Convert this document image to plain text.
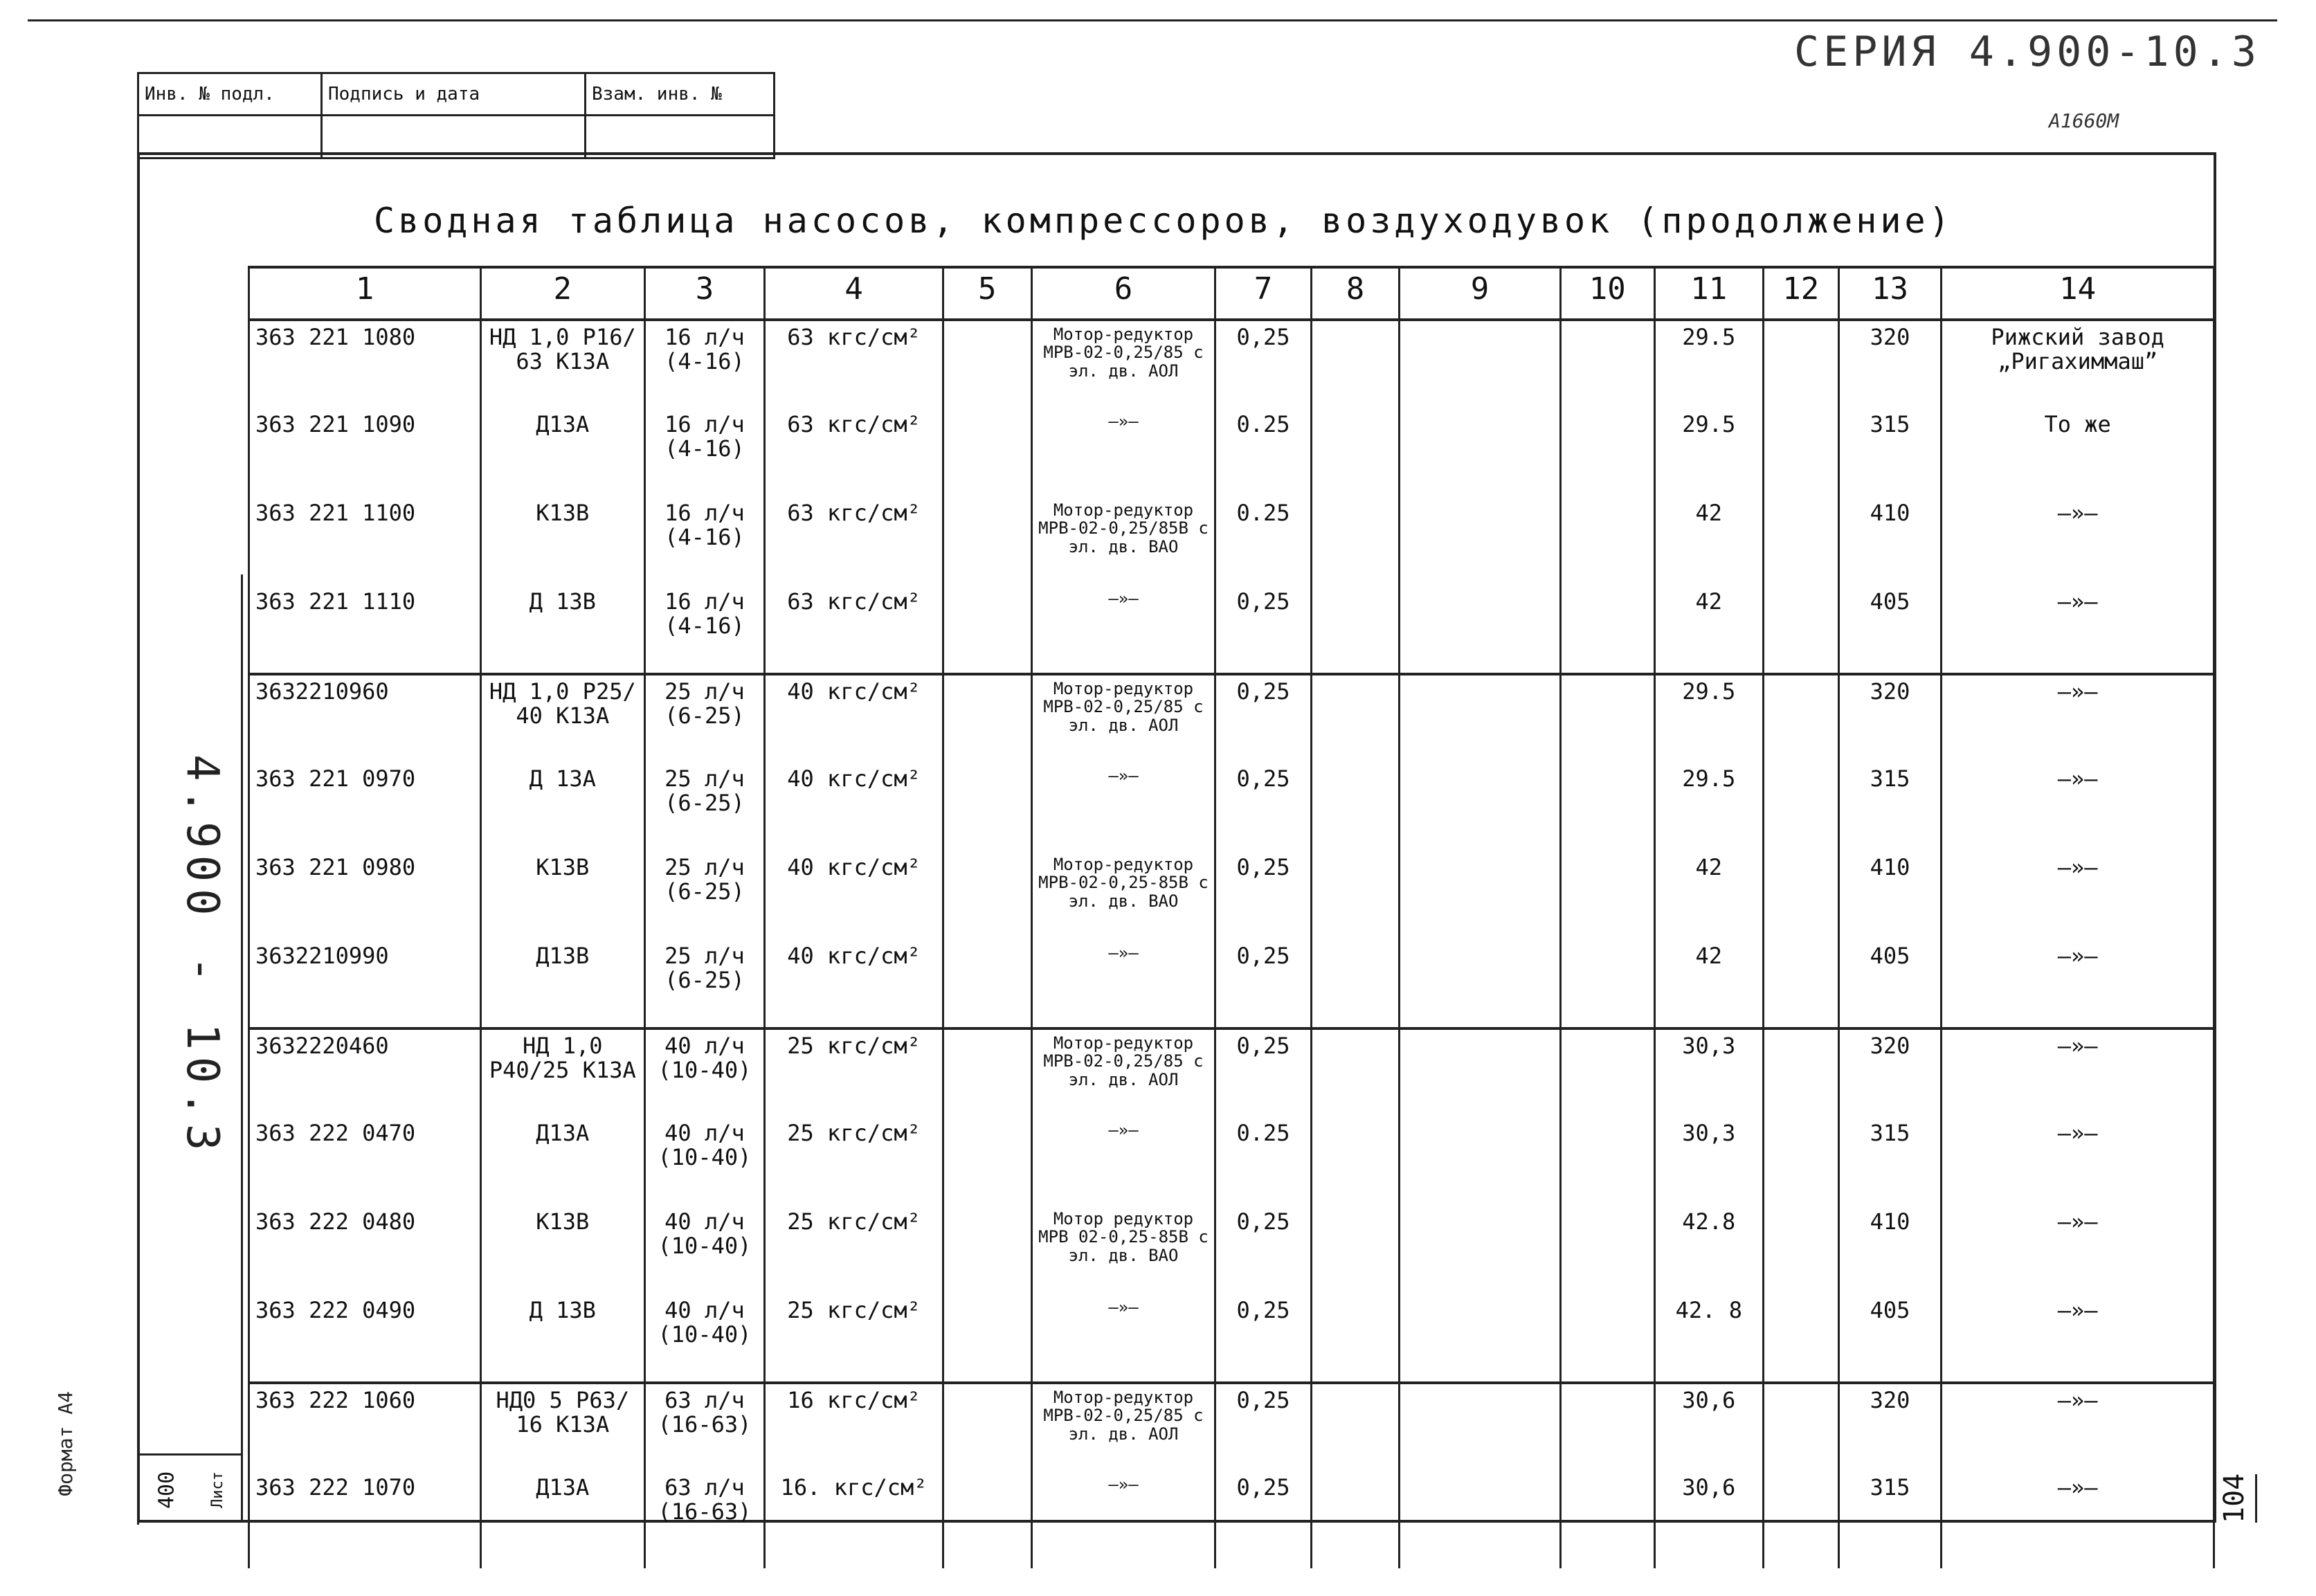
СЕРИЯ 4.900-10.3
А1660М
Инв. № подл.	Подпись и дата	Взам. инв. №
4.900 - 10.3
400	Лист
Формат А4
104
Сводная таблица насосов, компрессоров, воздуходувок (продолжение)
1	2	3	4	5	6	7	8	9	10	11	12	13	14
363 221 1080	НД 1,0 Р16/ 63 К13А	16 л/ч (4-16)	63 кгс/см²		Мотор-редуктор МРВ-02-0,25/85 с эл. дв. АОЛ	0,25				29.5		320	Рижский завод „Ригахиммаш”
363 221 1090	Д13А	16 л/ч (4-16)	63 кгс/см²		—»—	0.25				29.5		315	То же
363 221 1100	К13В	16 л/ч (4-16)	63 кгс/см²		Мотор-редуктор МРВ-02-0,25/85В с эл. дв. ВАО	0.25				42		410	—»—
363 221 1110	Д 13В	16 л/ч (4-16)	63 кгс/см²		—»—	0,25				42		405	—»—
3632210960	НД 1,0 Р25/ 40 К13А	25 л/ч (6-25)	40 кгс/см²		Мотор-редуктор МРВ-02-0,25/85 с эл. дв. АОЛ	0,25				29.5		320	—»—
363 221 0970	Д 13А	25 л/ч (6-25)	40 кгс/см²		—»—	0,25				29.5		315	—»—
363 221 0980	К13В	25 л/ч (6-25)	40 кгс/см²		Мотор-редуктор МРВ-02-0,25-85В с эл. дв. ВАО	0,25				42		410	—»—
3632210990	Д13В	25 л/ч (6-25)	40 кгс/см²		—»—	0,25				42		405	—»—
3632220460	НД 1,0 Р40/25 К13А	40 л/ч (10-40)	25 кгс/см²		Мотор-редуктор МРВ-02-0,25/85 с эл. дв. АОЛ	0,25				30,3		320	—»—
363 222 0470	Д13А	40 л/ч (10-40)	25 кгс/см²		—»—	0.25				30,3		315	—»—
363 222 0480	К13В	40 л/ч (10-40)	25 кгс/см²		Мотор редуктор МРВ 02-0,25-85В с эл. дв. ВАО	0,25				42.8		410	—»—
363 222 0490	Д 13В	40 л/ч (10-40)	25 кгс/см²		—»—	0,25				42. 8		405	—»—
363 222 1060	НД0 5 Р63/ 16 К13А	63 л/ч (16-63)	16 кгс/см²		Мотор-редуктор МРВ-02-0,25/85 с эл. дв. АОЛ	0,25				30,6		320	—»—
363 222 1070	Д13А	63 л/ч (16-63)	16. кгс/см²		—»—	0,25				30,6		315	—»—
